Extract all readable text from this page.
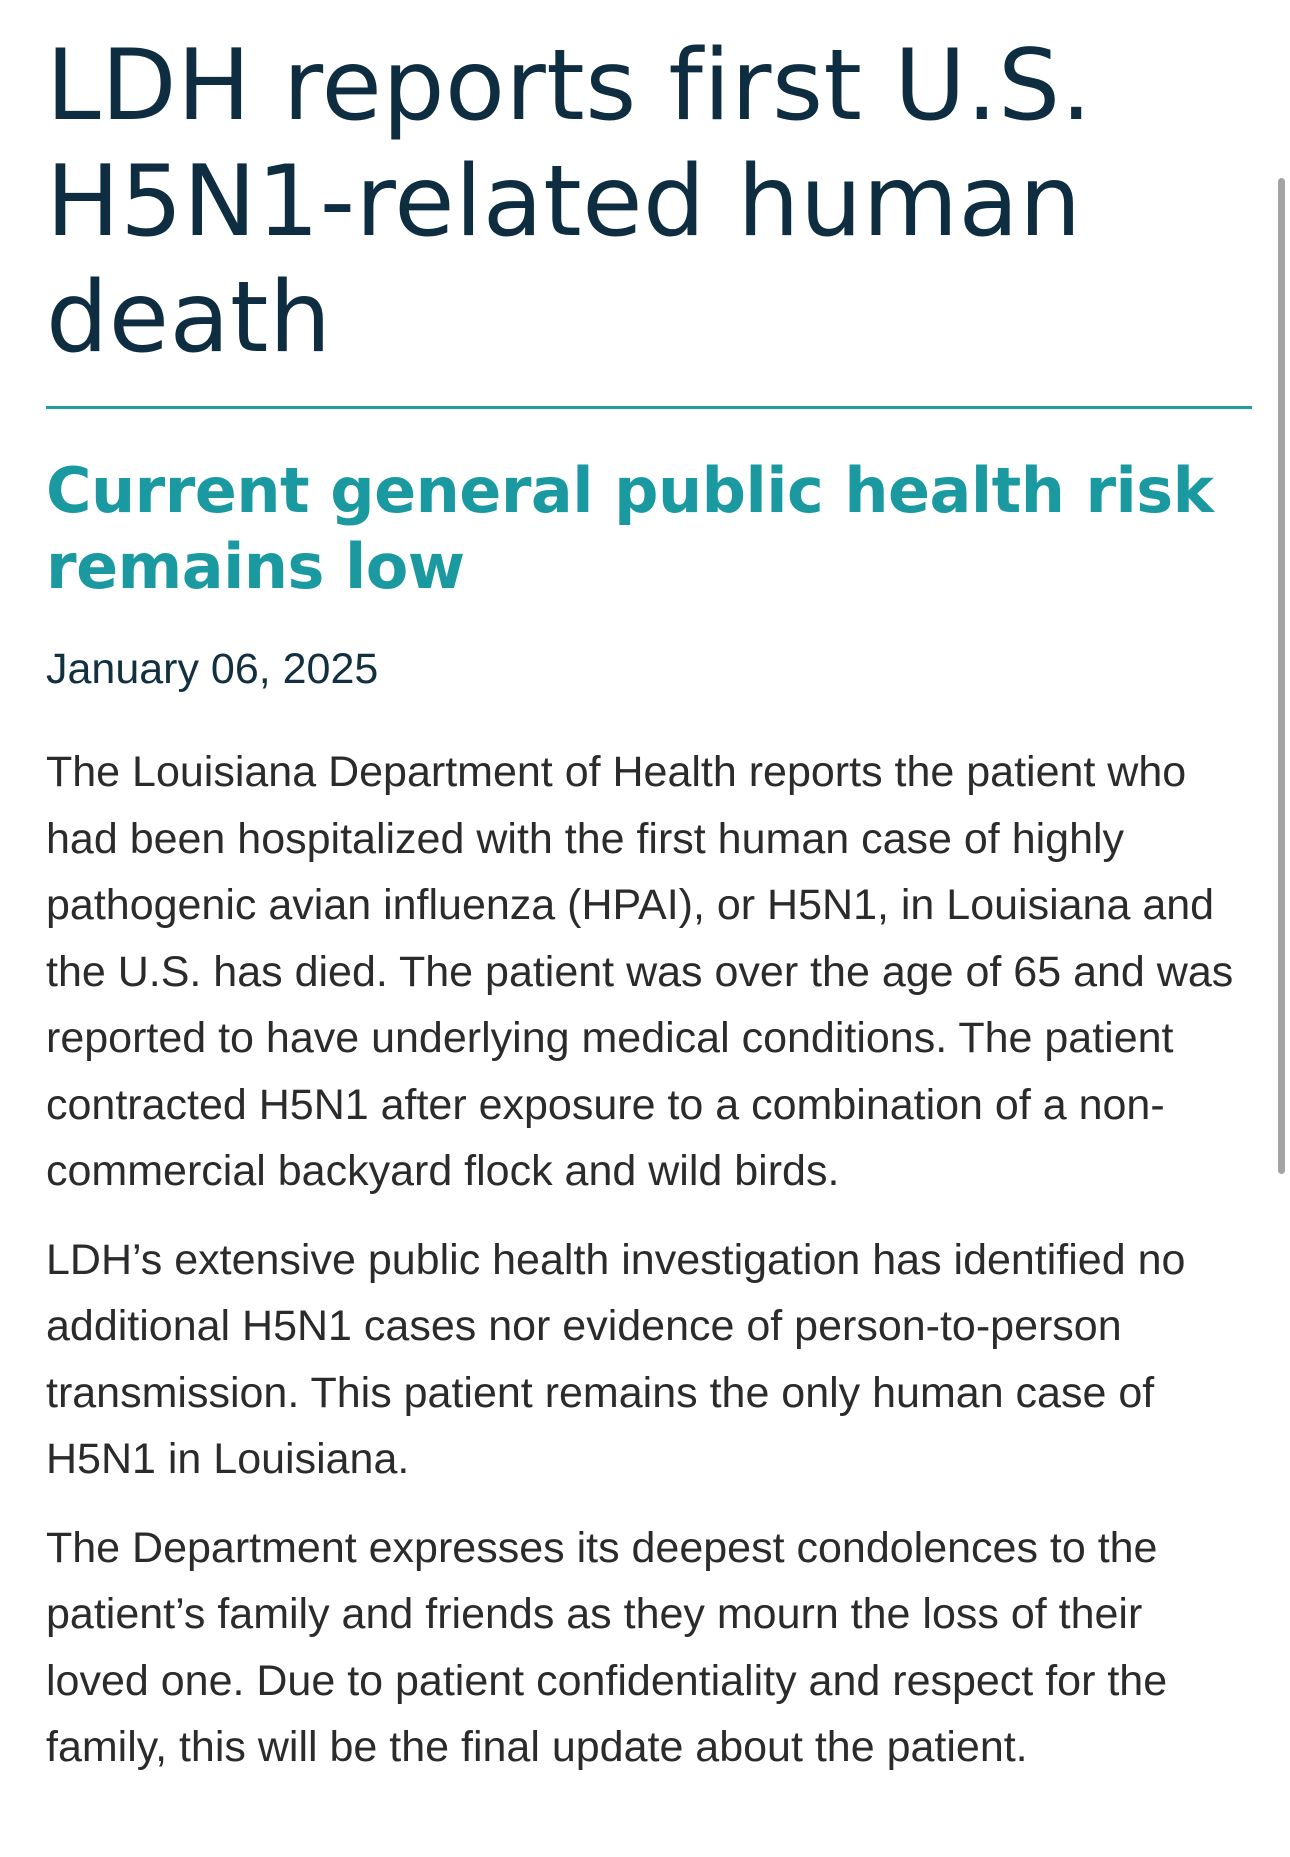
LDH reports first U.S. H5N1-related human death
Current general public health risk remains low
January 06, 2025

The Louisiana Department of Health reports the patient who had been hospitalized with the first human case of highly pathogenic avian influenza (HPAI), or H5N1, in Louisiana and the U.S. has died. The patient was over the age of 65 and was reported to have underlying medical conditions. The patient contracted H5N1 after exposure to a combination of a non-commercial backyard flock and wild birds.

LDH’s extensive public health investigation has identified no additional H5N1 cases nor evidence of person-to-person transmission. This patient remains the only human case of H5N1 in Louisiana.

The Department expresses its deepest condolences to the patient’s family and friends as they mourn the loss of their loved one. Due to patient confidentiality and respect for the family, this will be the final update about the patient.
